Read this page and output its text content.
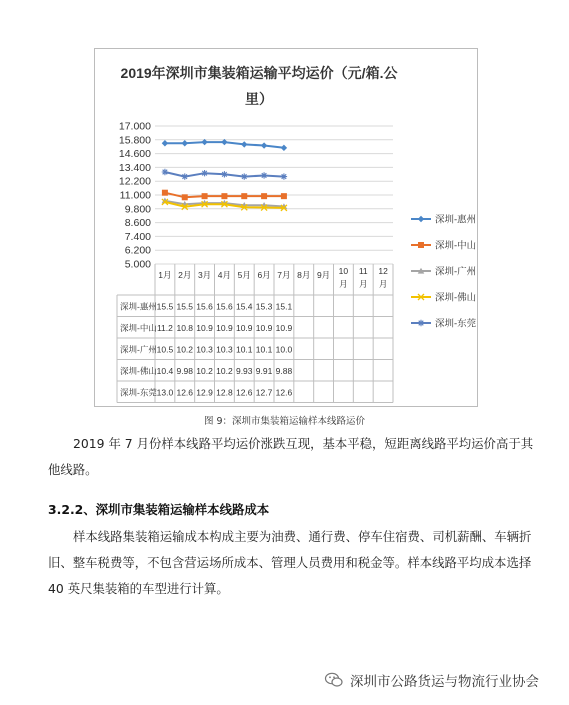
2019年深圳市集装箱运输平均运价（元/箱.公
里）
17.000
15.800
14.600
13.400
12.200
11.000
9.800
8.600
7.400
6.200
5.000
1月 2月 3月 4月 5月 6月 7月 8月 9月 10 月
11 月
12 月
深圳-惠州 15.5 15.5 15.6 15.6 15.4 15.3 15.1
深圳-中山 11.2 10.8 10.9 10.9 10.9 10.9 10.9
深圳-广州 10.5 10.2 10.3 10.3 10.1 10.1 10.0
深圳-佛山 10.4 9.98 10.2 10.2 9.93 9.91 9.88
深圳-东莞 13.0 12.6 12.9 12.8 12.6 12.7 12.6
深圳-惠州
深圳-中山
深圳-广州
深圳-佛山
深圳-东莞
图 9：深圳市集装箱运输样本线路运价

2019 年 7 月份样本线路平均运价涨跌互现，基本平稳，短距离线路平均运价高于其他线路。

3.2.2、深圳市集装箱运输样本线路成本

样本线路集装箱运输成本构成主要为油费、通行费、停车住宿费、司机薪酬、车辆折旧、整车税费等，不包含营运场所成本、管理人员费用和税金等。样本线路平均成本选择 40 英尺集装箱的车型进行计算。

深圳市公路货运与物流行业协会
